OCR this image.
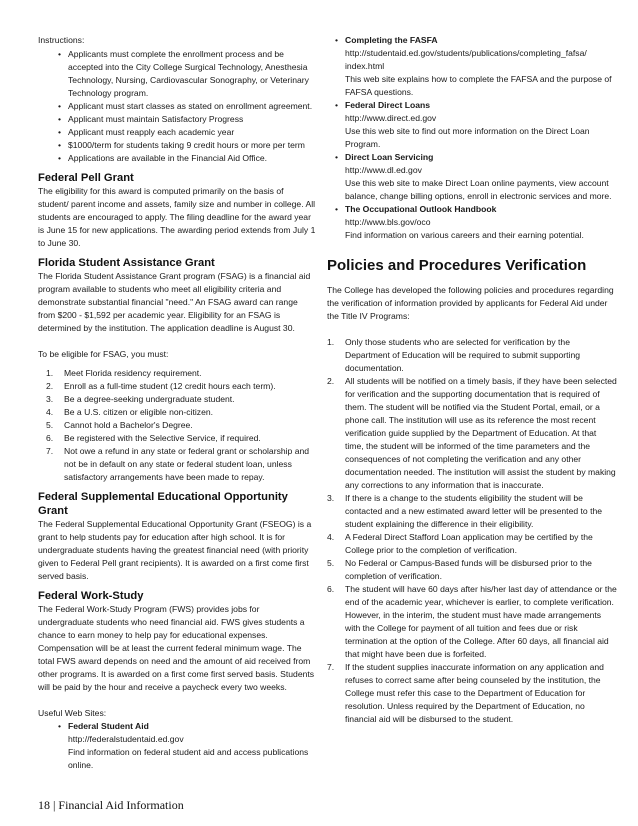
Instructions:

• Applicants must complete the enrollment process and be accepted into the City College Surgical Technology, Anesthesia Technology, Nursing, Cardiovascular Sonography, or Veterinary Technology program.
• Applicant must start classes as stated on enrollment agreement.
• Applicant must maintain Satisfactory Progress
• Applicant must reapply each academic year
• $1000/term for students taking 9 credit hours or more per term
• Applications are available in the Financial Aid Office.
Federal Pell Grant

The eligibility for this award is computed primarily on the basis of student/ parent income and assets, family size and number in college. All students are encouraged to apply. The filing deadline for the award year is June 15 for new applications. The awarding period extends from July 1 to June 30.

Florida Student Assistance Grant

The Florida Student Assistance Grant program (FSAG) is a financial aid program available to students who meet all eligibility criteria and demonstrate substantial financial "need." An FSAG award can range from $200 - $1,592 per academic year. Eligibility for an FSAG is determined by the institution. The application deadline is August 30.

To be eligible for FSAG, you must:

1. Meet Florida residency requirement.
2. Enroll as a full-time student (12 credit hours each term).
3. Be a degree-seeking undergraduate student.
4. Be a U.S. citizen or eligible non-citizen.
5. Cannot hold a Bachelor's Degree.
6. Be registered with the Selective Service, if required.
7. Not owe a refund in any state or federal grant or scholarship and not be in default on any state or federal student loan, unless satisfactory arrangements have been made to repay.
Federal Supplemental Educational Opportunity Grant

The Federal Supplemental Educational Opportunity Grant (FSEOG) is a grant to help students pay for education after high school. It is for undergraduate students having the greatest financial need (with priority given to Federal Pell grant recipients). It is awarded on a first come first served basis.

Federal Work-Study

The Federal Work-Study Program (FWS) provides jobs for undergraduate students who need financial aid. FWS gives students a chance to earn money to help pay for educational expenses. Compensation will be at least the current federal minimum wage. The total FWS award depends on need and the amount of aid received from other programs. It is awarded on a first come first served basis. Students will be paid by the hour and receive a paycheck every two weeks.

Useful Web Sites:

• Federal Student Aid

http://federalstudentaid.ed.gov

Find information on federal student aid and access publications online.

• Completing the FASFA

http://studentaid.ed.gov/students/publications/completing_fafsa/ index.html

This web site explains how to complete the FAFSA and the purpose of FAFSA questions.

• Federal Direct Loans

http://www.direct.ed.gov

Use this web site to find out more information on the Direct Loan Program.

• Direct Loan Servicing

http://www.dl.ed.gov

Use this web site to make Direct Loan online payments, view account balance, change billing options, enroll in electronic services and more.

• The Occupational Outlook Handbook

http://www.bls.gov/oco

Find information on various careers and their earning potential.

Policies and Procedures Verification

The College has developed the following policies and procedures regarding the verification of information provided by applicants for Federal Aid under the Title IV Programs:

1. Only those students who are selected for verification by the Department of Education will be required to submit supporting documentation.
2. All students will be notified on a timely basis, if they have been selected for verification and the supporting documentation that is required of them. The student will be notified via the Student Portal, email, or a phone call. The institution will use as its reference the most recent verification guide supplied by the Department of Education. At that time, the student will be informed of the time parameters and the consequences of not completing the verification and any other documentation needed. The institution will assist the student by making any corrections to any information that is inaccurate.
3. If there is a change to the students eligibility the student will be contacted and a new estimated award letter will be presented to the student explaining the difference in their eligibility.
4. A Federal Direct Stafford Loan application may be certified by the College prior to the completion of verification.
5. No Federal or Campus-Based funds will be disbursed prior to the completion of verification.
6. The student will have 60 days after his/her last day of attendance or the end of the academic year, whichever is earlier, to complete verification. However, in the interim, the student must have made arrangements with the College for payment of all tuition and fees due or risk termination at the option of the College. After 60 days, all financial aid that might have been due is forfeited.
7. If the student supplies inaccurate information on any application and refuses to correct same after being counseled by the institution, the College must refer this case to the Department of Education for resolution. Unless required by the Department of Education, no financial aid will be disbursed to the student.
18 | Financial Aid Information
